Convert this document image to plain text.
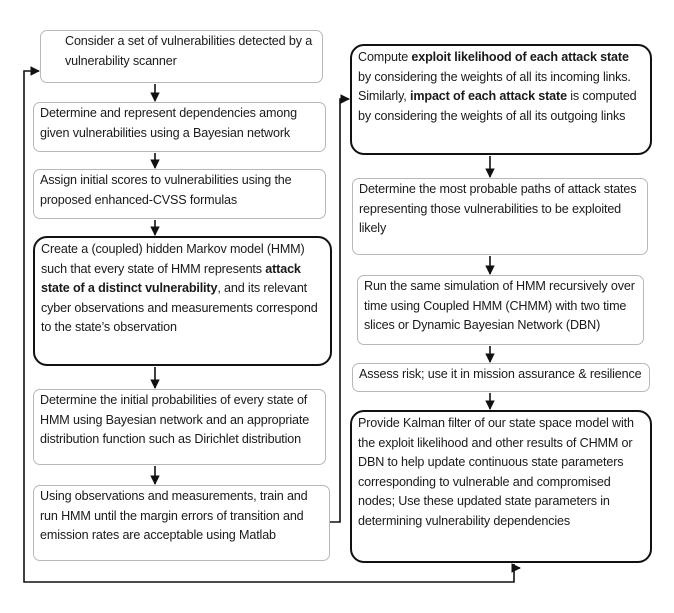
Consider a set of vulnerabilities detected by a vulnerability scanner
Determine and represent dependencies among given vulnerabilities using a Bayesian network
Assign initial scores to vulnerabilities using the proposed enhanced-CVSS formulas
Create a (coupled) hidden Markov model (HMM) such that every state of HMM represents attack state of a distinct vulnerability, and its relevant cyber observations and measurements correspond to the state’s observation
Determine the initial probabilities of every state of HMM using Bayesian network and an appropriate distribution function such as Dirichlet distribution
Using observations and measurements, train and run HMM until the margin errors of transition and emission rates are acceptable using Matlab
Compute exploit likelihood of each attack state by considering the weights of all its incoming links. Similarly, impact of each attack state is computed by considering the weights of all its outgoing links
Determine the most probable paths of attack states representing those vulnerabilities to be exploited likely
Run the same simulation of HMM recursively over time using Coupled HMM (CHMM) with two time slices or Dynamic Bayesian Network (DBN)
Assess risk; use it in mission assurance & resilience
Provide Kalman filter of our state space model with the exploit likelihood and other results of CHMM or DBN to help update continuous state parameters corresponding to vulnerable and compromised nodes; Use these updated state parameters in determining vulnerability dependencies
